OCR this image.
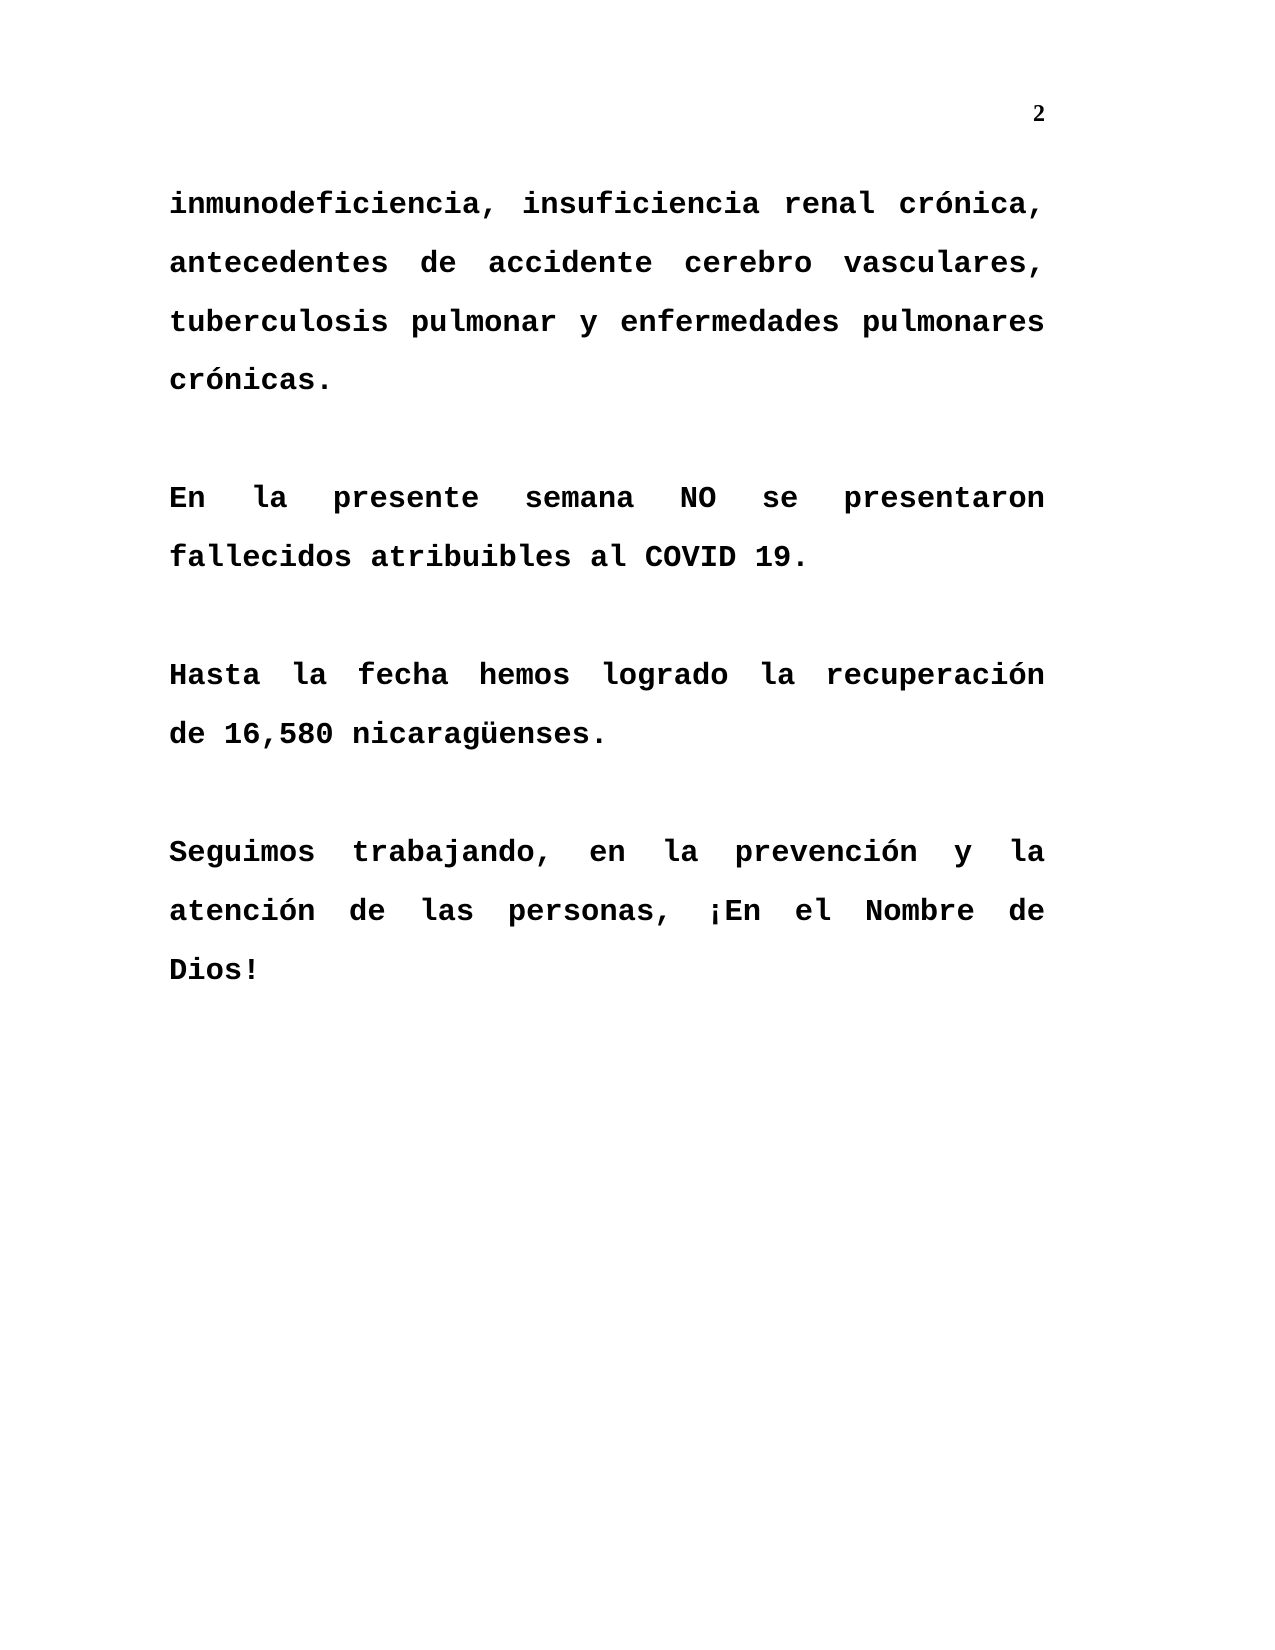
2
inmunodeficiencia, insuficiencia renal crónica,
antecedentes de accidente cerebro vasculares,
tuberculosis pulmonar y enfermedades pulmonares
crónicas.
En la presente semana NO se presentaron
fallecidos atribuibles al COVID 19.
Hasta la fecha hemos logrado la recuperación
de 16,580 nicaragüenses.
Seguimos trabajando, en la prevención y la
atención de las personas, ¡En el Nombre de
Dios!
